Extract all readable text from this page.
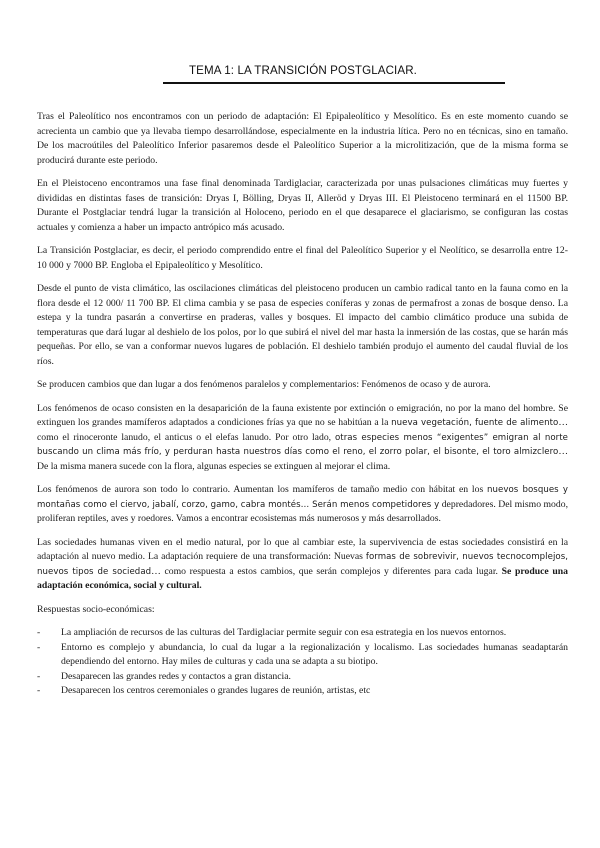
TEMA 1: LA TRANSICIÓN POSTGLACIAR.

Tras el Paleolítico nos encontramos con un periodo de adaptación: El Epipaleolítico y Mesolítico. Es en este momento cuando se acrecienta un cambio que ya llevaba tiempo desarrollándose, especialmente en la industria lítica. Pero no en técnicas, sino en tamaño. De los macroútiles del Paleolítico Inferior pasaremos desde el Paleolítico Superior a la microlitización, que de la misma forma se producirá durante este periodo.

En el Pleistoceno encontramos una fase final denominada Tardiglaciar, caracterizada por unas pulsaciones climáticas muy fuertes y divididas en distintas fases de transición: Dryas I, Bölling, Dryas II, Alleröd y Dryas III. El Pleistoceno terminará en el 11500 BP. Durante el Postglaciar tendrá lugar la transición al Holoceno, periodo en el que desaparece el glaciarismo, se configuran las costas actuales y comienza a haber un impacto antrópico más acusado.

La Transición Postglaciar, es decir, el periodo comprendido entre el final del Paleolítico Superior y el Neolítico, se desarrolla entre 12-10 000 y 7000 BP. Engloba el Epipaleolítico y Mesolítico.

Desde el punto de vista climático, las oscilaciones climáticas del pleistoceno producen un cambio radical tanto en la fauna como en la flora desde el 12 000/ 11 700 BP. El clima cambia y se pasa de especies coníferas y zonas de permafrost a zonas de bosque denso. La estepa y la tundra pasarán a convertirse en praderas, valles y bosques. El impacto del cambio climático produce una subida de temperaturas que dará lugar al deshielo de los polos, por lo que subirá el nivel del mar hasta la inmersión de las costas, que se harán más pequeñas. Por ello, se van a conformar nuevos lugares de población. El deshielo también produjo el aumento del caudal fluvial de los ríos.

Se producen cambios que dan lugar a dos fenómenos paralelos y complementarios: Fenómenos de ocaso y de aurora.

Los fenómenos de ocaso consisten en la desaparición de la fauna existente por extinción o emigración, no por la mano del hombre. Se extinguen los grandes mamíferos adaptados a condiciones frías ya que no se habitúan a la nueva vegetación, fuente de alimento… como el rinoceronte lanudo, el anticus o el elefas lanudo. Por otro lado, otras especies menos “exigentes” emigran al norte buscando un clima más frío, y perduran hasta nuestros días como el reno, el zorro polar, el bisonte, el toro almizclero… De la misma manera sucede con la flora, algunas especies se extinguen al mejorar el clima.

Los fenómenos de aurora son todo lo contrario. Aumentan los mamíferos de tamaño medio con hábitat en los nuevos bosques y montañas como el ciervo, jabalí, corzo, gamo, cabra montés… Serán menos competidores y depredadores. Del mismo modo, proliferan reptiles, aves y roedores. Vamos a encontrar ecosistemas más numerosos y más desarrollados.

Las sociedades humanas viven en el medio natural, por lo que al cambiar este, la supervivencia de estas sociedades consistirá en la adaptación al nuevo medio. La adaptación requiere de una transformación: Nuevas formas de sobrevivir, nuevos tecnocomplejos, nuevos tipos de sociedad… como respuesta a estos cambios, que serán complejos y diferentes para cada lugar. Se produce una adaptación económica, social y cultural.

Respuestas socio-económicas:

- La ampliación de recursos de las culturas del Tardiglaciar permite seguir con esa estrategia en los nuevos entornos.
- Entorno es complejo y abundancia, lo cual da lugar a la regionalización y localismo. Las sociedades humanas seadaptarán dependiendo del entorno. Hay miles de culturas y cada una se adapta a su biotipo.
- Desaparecen las grandes redes y contactos a gran distancia.
- Desaparecen los centros ceremoniales o grandes lugares de reunión, artistas, etc
